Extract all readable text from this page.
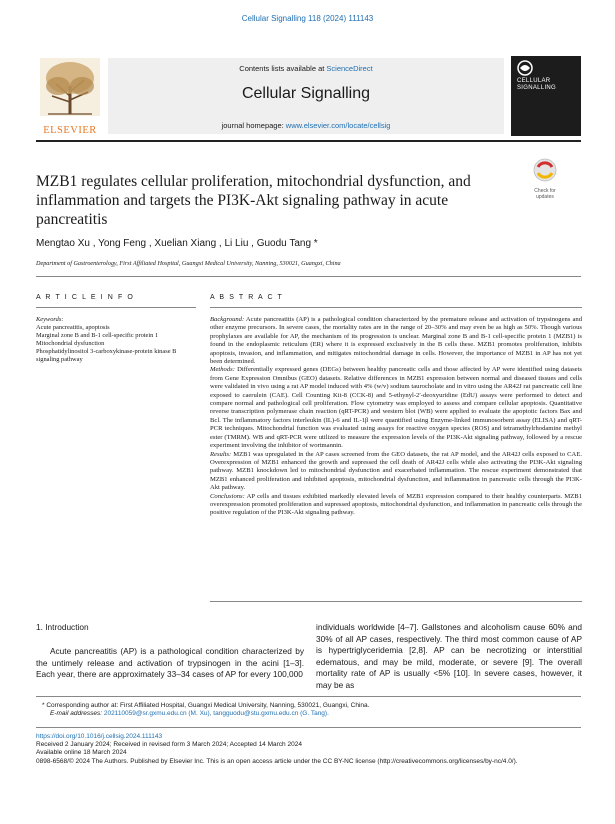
Cellular Signalling 118 (2024) 111143
ELSEVIER
Contents lists available at ScienceDirect
Cellular Signalling
journal homepage: www.elsevier.com/locate/cellsig
CELLULAR
SIGNALLING
MZB1 regulates cellular proliferation, mitochondrial dysfunction, and inflammation and targets the PI3K-Akt signaling pathway in acute pancreatitis
Check for updates
Mengtao Xu , Yong Feng , Xuelian Xiang , Li Liu , Guodu Tang *
Department of Gastroenterology, First Affiliated Hospital, Guangxi Medical University, Nanning, 530021, Guangxi, China
A R T I C L E I N F O	A B S T R A C T
Keywords:
Acute pancreatitis, apoptosis
Marginal zone B and B-1 cell-specific protein 1
Mitochondrial dysfunction
Phosphatidylinositol 3-carboxykinase-protein kinase B signaling pathway

Background: Acute pancreatitis (AP) is a pathological condition characterized by the premature release and activation of trypsinogens and other enzyme precursors. In severe cases, the mortality rates are in the range of 20–30% and may even be as high as 50%. Though various prophylaxes are available for AP, the mechanism of its progression is unclear. Marginal zone B and B-1 cell-specific protein 1 (MZB1) is found in the endoplasmic reticulum (ER) where it is expressed exclusively in the B cells these. MZB1 promotes proliferation, inhibits apoptosis, invasion, and inflammation, and mitigates mitochondrial damage in cells. However, the importance of MZB1 in AP has not yet been determined.

Methods: Differentially expressed genes (DEGs) between healthy pancreatic cells and those affected by AP were identified using datasets from Gene Expression Omnibus (GEO) datasets. Relative differences in MZB1 expression between normal and diseased tissues and cells were validated in vivo using a rat AP model induced with 4% (w/v) sodium taurocholate and in vitro using the AR42J rat pancreatic cell line exposed to caerulein (CAE). Cell Counting Kit-8 (CCK-8) and 5-ethynyl-2′-deoxyuridine (EdU) assays were performed to detect and compare normal and pathological cell proliferation. Flow cytometry was employed to assess and compare cellular apoptosis. Quantitative reverse transcription polymerase chain reaction (qRT-PCR) and western blot (WB) were applied to evaluate the apoptotic factors Bax and Bcl. The inflammatory factors interleukin (IL)-6 and IL-1β were quantified using Enzyme-linked immunosorbent assay (ELISA) and qRT-PCR techniques. Mitochondrial function was evaluated using assays for reactive oxygen species (ROS) and tetramethylrhodamine methyl ester (TMRM). WB and qRT-PCR were utilized to measure the expression levels of the PI3K-Akt signaling pathway, followed by a rescue experiment involving the inhibitor of wortmannin.

Results: MZB1 was upregulated in the AP cases screened from the GEO datasets, the rat AP model, and the AR42J cells exposed to CAE. Overexpression of MZB1 enhanced the growth and supressed the cell death of AR42J cells while also activating the PI3K-Akt signaling pathway. MZB1 knockdown led to mitochondrial dysfunction and exacerbated inflammation. The rescue experiment demonstrated that MZB1 enhanced proliferation and inhibited apoptosis, mitochondrial dysfunction, and inflammation in pancreatic cells through the PI3K-Akt pathway.

Conclusions: AP cells and tissues exhibited markedly elevated levels of MZB1 expression compared to their healthy counterparts. MZB1 overexpression promoted proliferation and supressed apoptosis, mitochondrial dysfunction, and inflammation in pancreatic cells through the positive regulation of the PI3K-Akt signaling pathway.

1. Introduction
Acute pancreatitis (AP) is a pathological condition characterized by the untimely release and activation of trypsinogen in the acini [1–3]. Each year, there are approximately 33–34 cases of AP for every 100,000
individuals worldwide [4–7]. Gallstones and alcoholism cause 60% and 30% of all AP cases, respectively. The third most common cause of AP is hypertriglyceridemia [2,8]. AP can be necrotizing or interstitial edematous, and may be mild, moderate, or severe [9]. The overall mortality rate of AP is usually <5% [10]. In severe cases, however, it may be as
* Corresponding author at: First Affiliated Hospital, Guangxi Medical University, Nanning, 530021, Guangxi, China.
E-mail addresses: 202110059@sr.gxmu.edu.cn (M. Xu), tangguodu@stu.gxmu.edu.cn (G. Tang).
https://doi.org/10.1016/j.cellsig.2024.111143
Received 2 January 2024; Received in revised form 3 March 2024; Accepted 14 March 2024
Available online 18 March 2024
0898-6568/© 2024 The Authors. Published by Elsevier Inc. This is an open access article under the CC BY-NC license (http://creativecommons.org/licenses/by-nc/4.0/).
